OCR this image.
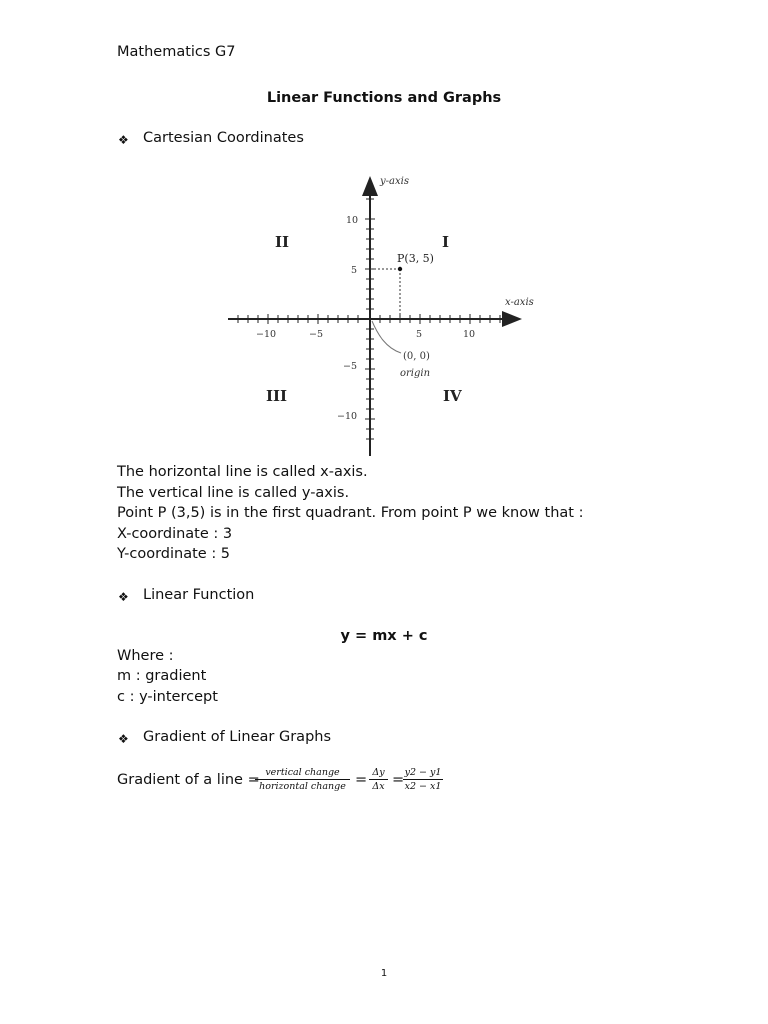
Mathematics G7
Linear Functions and Graphs
❖ Cartesian Coordinates
y-axis
x-axis
−10	−5	5	10
10
5
−5
−10
II	I
III	IV
P(3, 5)
(0, 0)
origin
The horizontal line is called x-axis.
The vertical line is called y-axis.
Point P (3,5) is in the first quadrant. From point P we know that :
X-coordinate : 3
Y-coordinate : 5
❖ Linear Function
y = mx + c
Where :
m : gradient
c : y-intercept
❖ Gradient of Linear Graphs
Gradient of a line = vertical change
horizontal change = $\frac{\Delta y}{\Delta x}$ =
$\frac{y2 - y1}{x2 - x1}$
1
